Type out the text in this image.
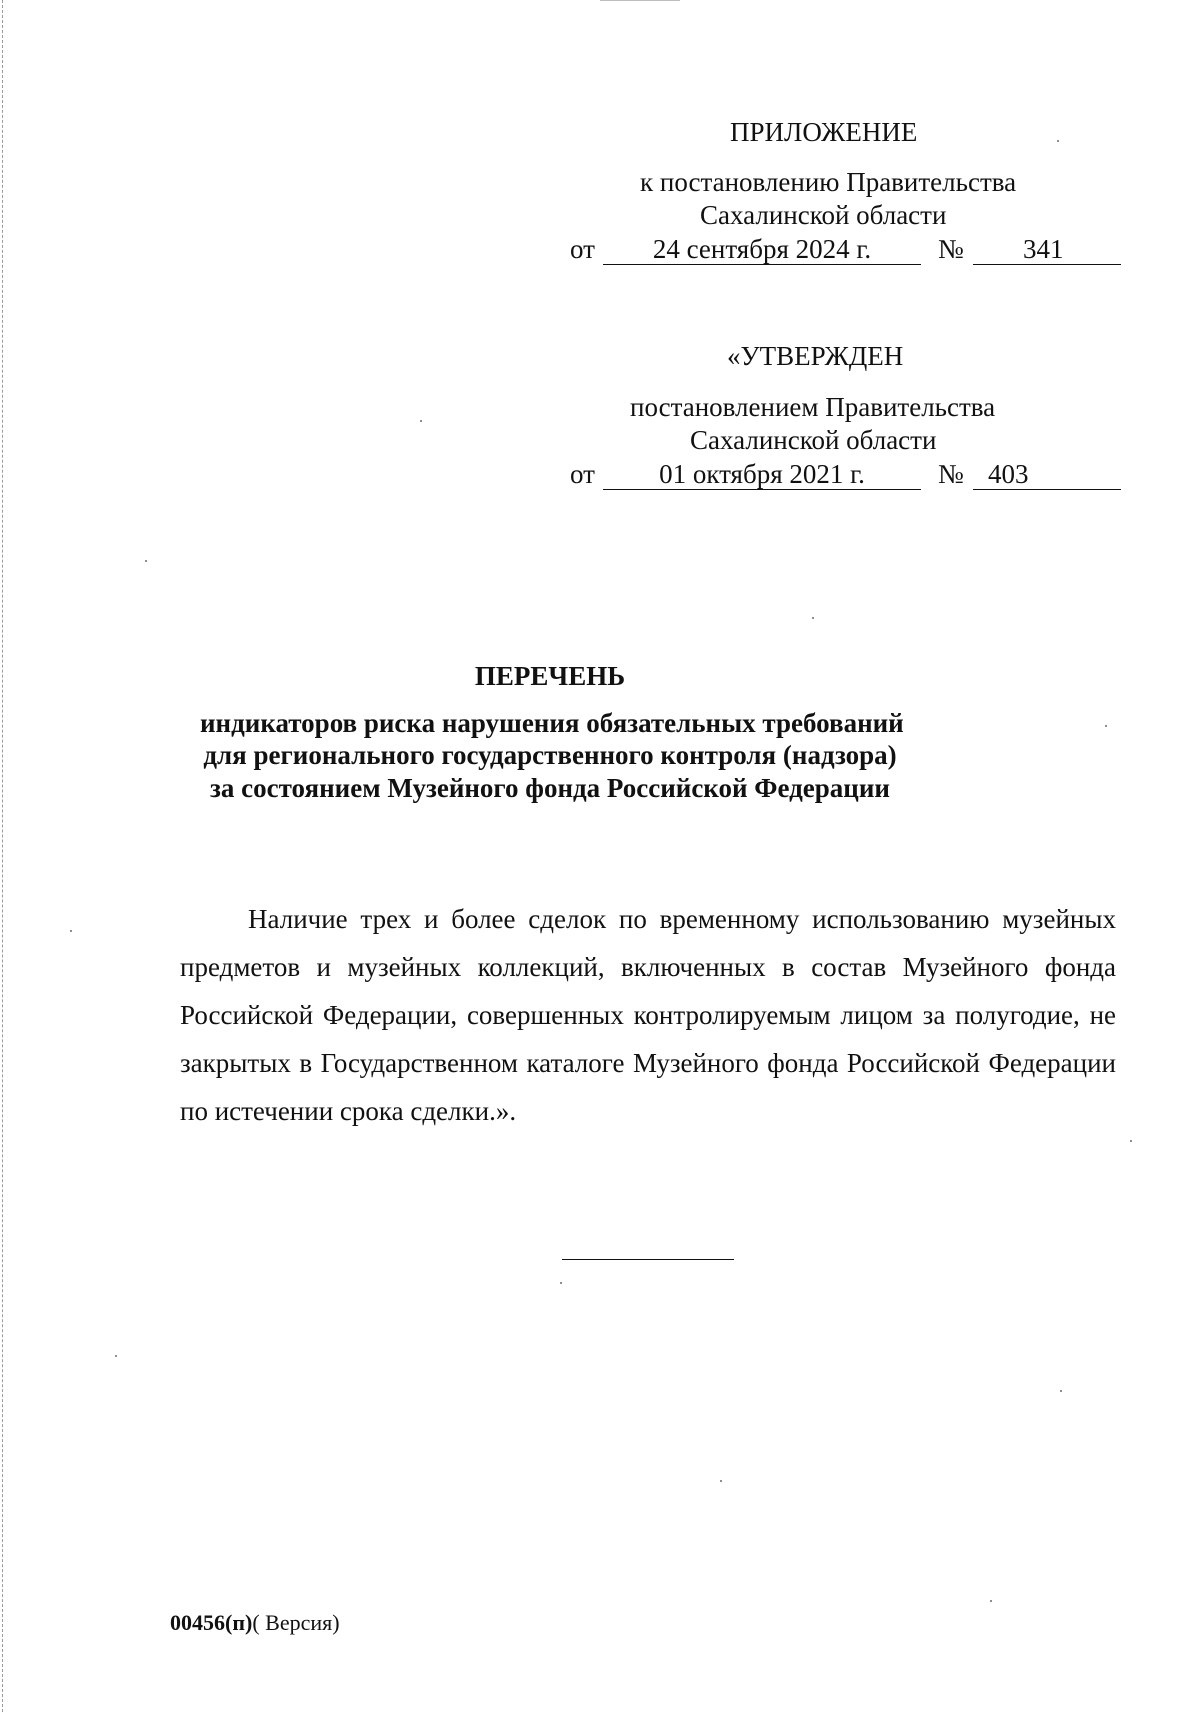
ПРИЛОЖЕНИЕ
к постановлению Правительства
Сахалинской области
от	24 сентября 2024 г.	№ 341
«УТВЕРЖДЕН
постановлением Правительства
Сахалинской области
от	01 октября 2021 г.	№ 403
ПЕРЕЧЕНЬ
индикаторов риска нарушения обязательных требований
для регионального государственного контроля (надзора)
за состоянием Музейного фонда Российской Федерации
Наличие трех и более сделок по временному использованию музейных предметов и музейных коллекций, включенных в состав Музейного фонда Российской Федерации, совершенных контролируемым лицом за полугодие, не закрытых в Государственном каталоге Музейного фонда Российской Федерации по истечении срока сделки.».
00456(п)( Версия)
